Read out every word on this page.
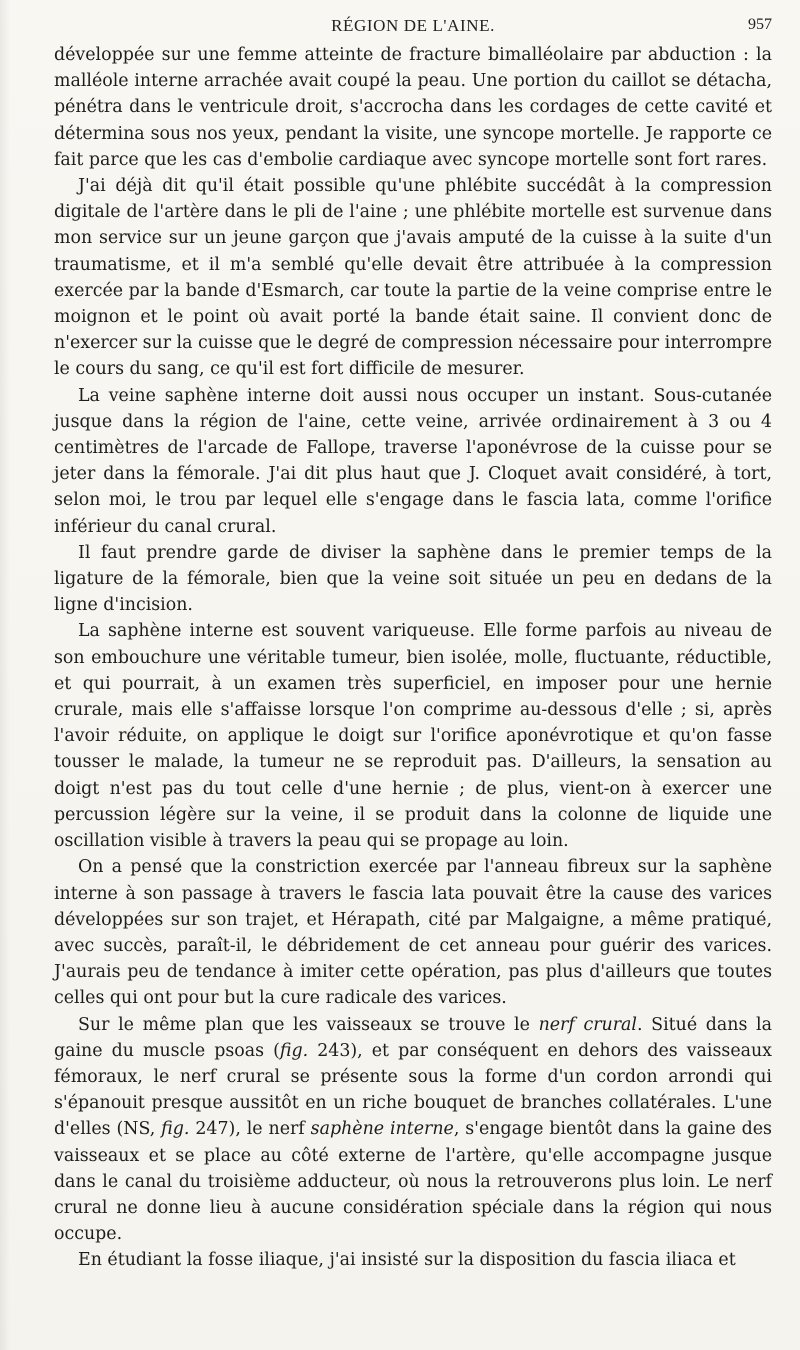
RÉGION DE L'AINE.	957

développée sur une femme atteinte de fracture bimalléolaire par abduction : la malléole interne arrachée avait coupé la peau. Une portion du caillot se détacha, pénétra dans le ventricule droit, s'accrocha dans les cordages de cette cavité et détermina sous nos yeux, pendant la visite, une syncope mortelle. Je rapporte ce fait parce que les cas d'embolie cardiaque avec syncope mortelle sont fort rares.

J'ai déjà dit qu'il était possible qu'une phlébite succédât à la compression digitale de l'artère dans le pli de l'aine ; une phlébite mortelle est survenue dans mon service sur un jeune garçon que j'avais amputé de la cuisse à la suite d'un traumatisme, et il m'a semblé qu'elle devait être attribuée à la compression exercée par la bande d'Esmarch, car toute la partie de la veine comprise entre le moignon et le point où avait porté la bande était saine. Il convient donc de n'exercer sur la cuisse que le degré de compression nécessaire pour interrompre le cours du sang, ce qu'il est fort difficile de mesurer.

La veine saphène interne doit aussi nous occuper un instant. Sous-cutanée jusque dans la région de l'aine, cette veine, arrivée ordinairement à 3 ou 4 centimètres de l'arcade de Fallope, traverse l'aponévrose de la cuisse pour se jeter dans la fémorale. J'ai dit plus haut que J. Cloquet avait considéré, à tort, selon moi, le trou par lequel elle s'engage dans le fascia lata, comme l'orifice inférieur du canal crural.

Il faut prendre garde de diviser la saphène dans le premier temps de la ligature de la fémorale, bien que la veine soit située un peu en dedans de la ligne d'incision.

La saphène interne est souvent variqueuse. Elle forme parfois au niveau de son embouchure une véritable tumeur, bien isolée, molle, fluctuante, réductible, et qui pourrait, à un examen très superficiel, en imposer pour une hernie crurale, mais elle s'affaisse lorsque l'on comprime au-dessous d'elle ; si, après l'avoir réduite, on applique le doigt sur l'orifice aponévrotique et qu'on fasse tousser le malade, la tumeur ne se reproduit pas. D'ailleurs, la sensation au doigt n'est pas du tout celle d'une hernie ; de plus, vient-on à exercer une percussion légère sur la veine, il se produit dans la colonne de liquide une oscillation visible à travers la peau qui se propage au loin.

On a pensé que la constriction exercée par l'anneau fibreux sur la saphène interne à son passage à travers le fascia lata pouvait être la cause des varices développées sur son trajet, et Hérapath, cité par Malgaigne, a même pratiqué, avec succès, paraît-il, le débridement de cet anneau pour guérir des varices. J'aurais peu de tendance à imiter cette opération, pas plus d'ailleurs que toutes celles qui ont pour but la cure radicale des varices.

Sur le même plan que les vaisseaux se trouve le nerf crural. Situé dans la gaine du muscle psoas (fig. 243), et par conséquent en dehors des vaisseaux fémoraux, le nerf crural se présente sous la forme d'un cordon arrondi qui s'épanouit presque aussitôt en un riche bouquet de branches collatérales. L'une d'elles (NS, fig. 247), le nerf saphène interne, s'engage bientôt dans la gaine des vaisseaux et se place au côté externe de l'artère, qu'elle accompagne jusque dans le canal du troisième adducteur, où nous la retrouverons plus loin. Le nerf crural ne donne lieu à aucune considération spéciale dans la région qui nous occupe.

En étudiant la fosse iliaque, j'ai insisté sur la disposition du fascia iliaca et
